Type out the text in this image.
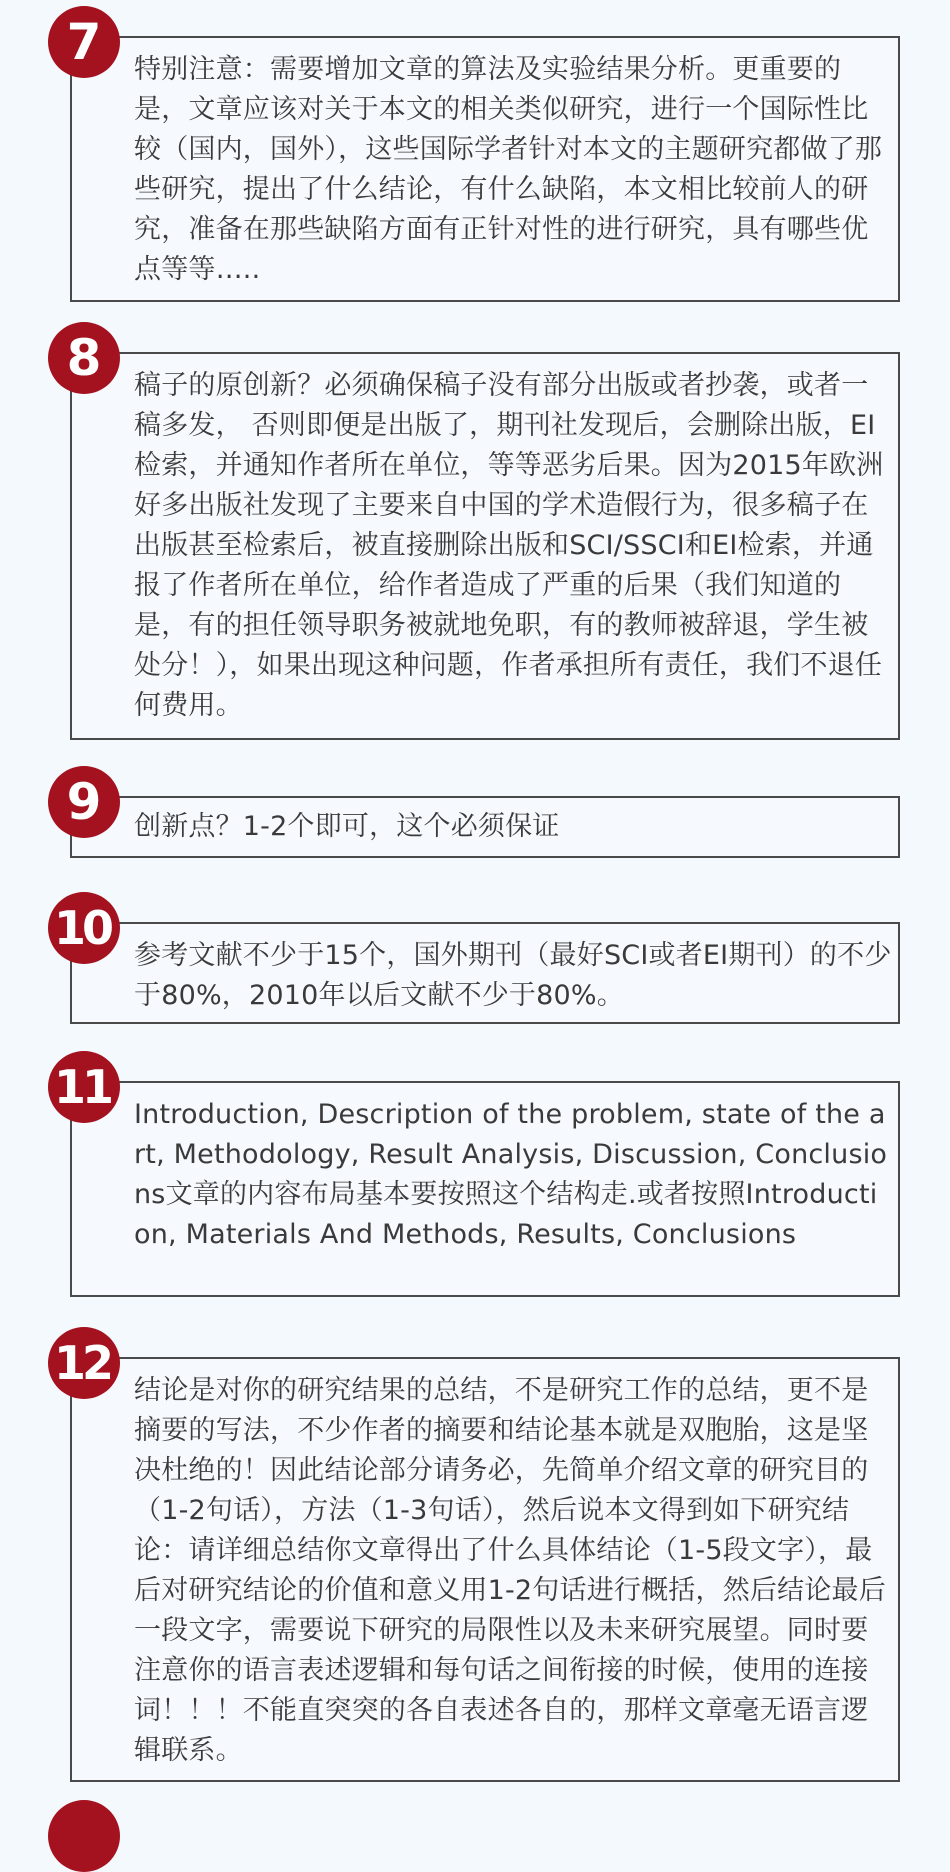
7	特别注意：需要增加文章的算法及实验结果分析。更重要的是，文章应该对关于本文的相关类似研究，进行一个国际性比较（国内，国外），这些国际学者针对本文的主题研究都做了那些研究，提出了什么结论，有什么缺陷，本文相比较前人的研究，准备在那些缺陷方面有正针对性的进行研究，具有哪些优点等等…..
8	稿子的原创新？必须确保稿子没有部分出版或者抄袭，或者一稿多发， 否则即便是出版了，期刊社发现后，会删除出版，EI检索，并通知作者所在单位，等等恶劣后果。因为2015年欧洲好多出版社发现了主要来自中国的学术造假行为，很多稿子在出版甚至检索后，被直接删除出版和SCI/SSCI和EI检索，并通报了作者所在单位，给作者造成了严重的后果（我们知道的是，有的担任领导职务被就地免职，有的教师被辞退，学生被处分！），如果出现这种问题，作者承担所有责任，我们不退任何费用。
9	创新点？1-2个即可，这个必须保证
10
参考文献不少于15个，国外期刊（最好SCI或者EI期刊）的不少于80%，2010年以后文献不少于80%。
11
Introduction, Description of the problem, state of the art, Methodology, Result Analysis, Discussion, Conclusions文章的内容布局基本要按照这个结构走.或者按照Introduction, Materials And Methods, Results, Conclusions
12
结论是对你的研究结果的总结，不是研究工作的总结，更不是摘要的写法，不少作者的摘要和结论基本就是双胞胎，这是坚决杜绝的！因此结论部分请务必，先简单介绍文章的研究目的（1-2句话），方法（1-3句话），然后说本文得到如下研究结论：请详细总结你文章得出了什么具体结论（1-5段文字），最后对研究结论的价值和意义用1-2句话进行概括，然后结论最后一段文字，需要说下研究的局限性以及未来研究展望。同时要注意你的语言表述逻辑和每句话之间衔接的时候，使用的连接词！！！不能直突突的各自表述各自的，那样文章毫无语言逻辑联系。
